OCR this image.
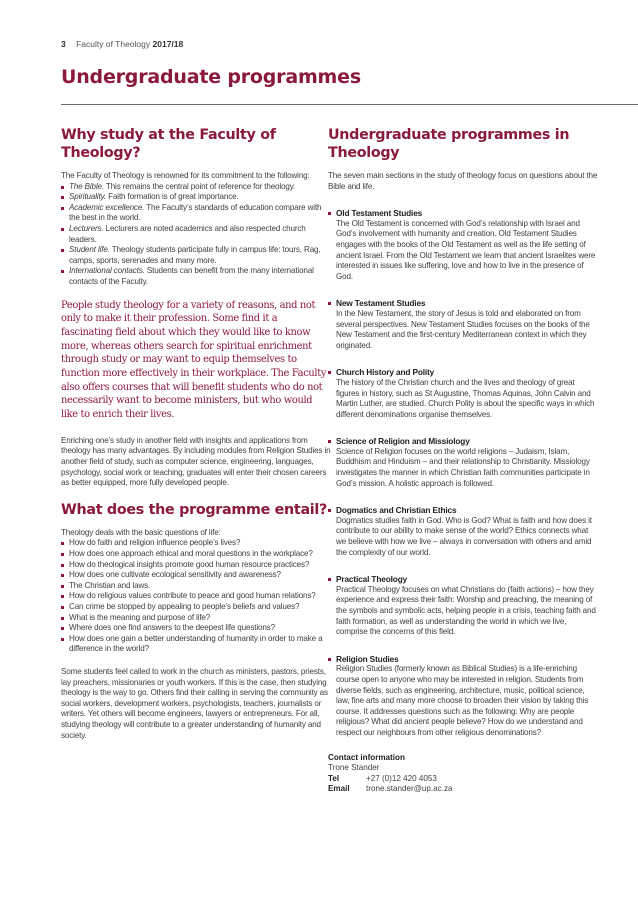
3 Faculty of Theology 2017/18
Undergraduate programmes
Why study at the Faculty of Theology?

The Faculty of Theology is renowned for its commitment to the following:

The Bible. This remains the central point of reference for theology.
Spirituality. Faith formation is of great importance.
Academic excellence. The Faculty’s standards of education compare with the best in the world.
Lecturers. Lecturers are noted academics and also respected church leaders.
Student life. Theology students participate fully in campus life: tours, Rag, camps, sports, serenades and many more.
International contacts. Students can benefit from the many international contacts of the Faculty.

People study theology for a variety of reasons, and not only to make it their profession. Some find it a fascinating field about which they would like to know more, whereas others search for spiritual enrichment through study or may want to equip themselves to function more effectively in their workplace. The Faculty also offers courses that will benefit students who do not necessarily want to become ministers, but who would like to enrich their lives.

Enriching one’s study in another field with insights and applications from theology has many advantages. By including modules from Religion Studies in another field of study, such as computer science, engineering, languages, psychology, social work or teaching, graduates will enter their chosen careers as better equipped, more fully developed people.

What does the programme entail?

Theology deals with the basic questions of life:

How do faith and religion influence people’s lives?
How does one approach ethical and moral questions in the workplace?
How do theological insights promote good human resource practices?
How does one cultivate ecological sensitivity and awareness?
The Christian and laws.
How do religious values contribute to peace and good human relations?
Can crime be stopped by appealing to people’s beliefs and values?
What is the meaning and purpose of life?
Where does one find answers to the deepest life questions?
How does one gain a better understanding of humanity in order to make a difference in the world?

Some students feel called to work in the church as ministers, pastors, priests, lay preachers, missionaries or youth workers. If this is the case, then studying theology is the way to go. Others find their calling in serving the community as social workers, development workers, psychologists, teachers, journalists or writers. Yet others will become engineers, lawyers or entrepreneurs. For all, studying theology will contribute to a greater understanding of humanity and society.

Undergraduate programmes in Theology

The seven main sections in the study of theology focus on questions about the Bible and life.

Old Testament Studies

The Old Testament is concerned with God’s relationship with Israel and God’s involvement with humanity and creation. Old Testament Studies engages with the books of the Old Testament as well as the life setting of ancient Israel. From the Old Testament we learn that ancient Israelites were interested in issues like suffering, love and how to live in the presence of God.

New Testament Studies

In the New Testament, the story of Jesus is told and elaborated on from several perspectives. New Testament Studies focuses on the books of the New Testament and the first-century Mediterranean context in which they originated.

Church History and Polity

The history of the Christian church and the lives and theology of great figures in history, such as St Augustine, Thomas Aquinas, John Calvin and Martin Luther, are studied. Church Polity is about the specific ways in which different denominations organise themselves.

Science of Religion and Missiology

Science of Religion focuses on the world religions – Judaism, Islam, Buddhism and Hinduism – and their relationship to Christianity. Missiology investigates the manner in which Christian faith communities participate in God’s mission. A holistic approach is followed.

Dogmatics and Christian Ethics

Dogmatics studies faith in God. Who is God? What is faith and how does it contribute to our ability to make sense of the world? Ethics connects what we believe with how we live – always in conversation with others and amid the complexity of our world.

Practical Theology

Practical Theology focuses on what Christians do (faith actions) – how they experience and express their faith: Worship and preaching, the meaning of the symbols and symbolic acts, helping people in a crisis, teaching faith and faith formation, as well as understanding the world in which we live, comprise the concerns of this field.

Religion Studies

Religion Studies (formerly known as Biblical Studies) is a life-enriching course open to anyone who may be interested in religion. Students from diverse fields, such as engineering, architecture, music, political science, law, fine arts and many more choose to broaden their vision by taking this course. It addresses questions such as the following: Why are people religious? What did ancient people believe? How do we understand and respect our neighbours from other religious denominations?

Contact information
Trone Stander
Tel	+27 (0)12 420 4053
Email	trone.stander@up.ac.za
